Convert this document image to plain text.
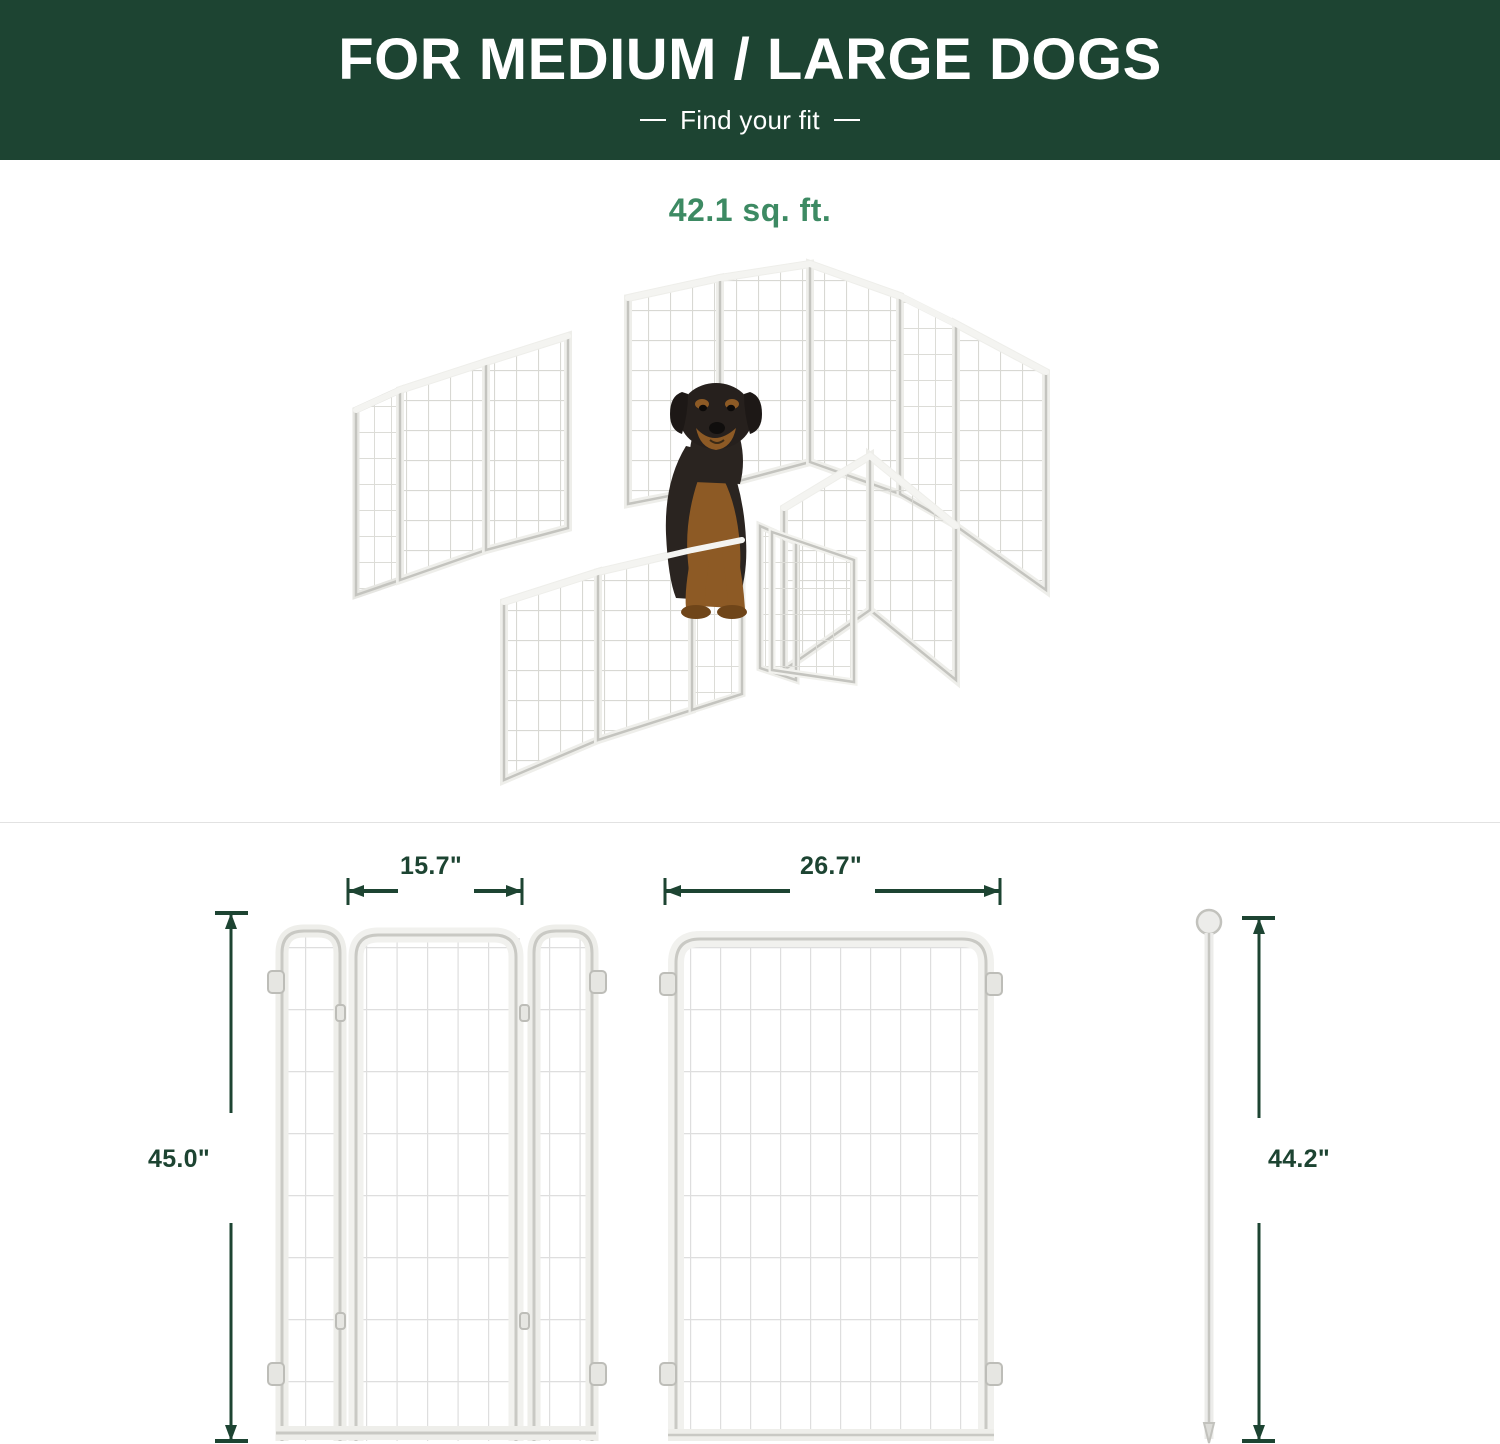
FOR MEDIUM / LARGE DOGS
Find your fit
42.1 sq. ft.
15.7"	26.7"
45.0"	44.2"
